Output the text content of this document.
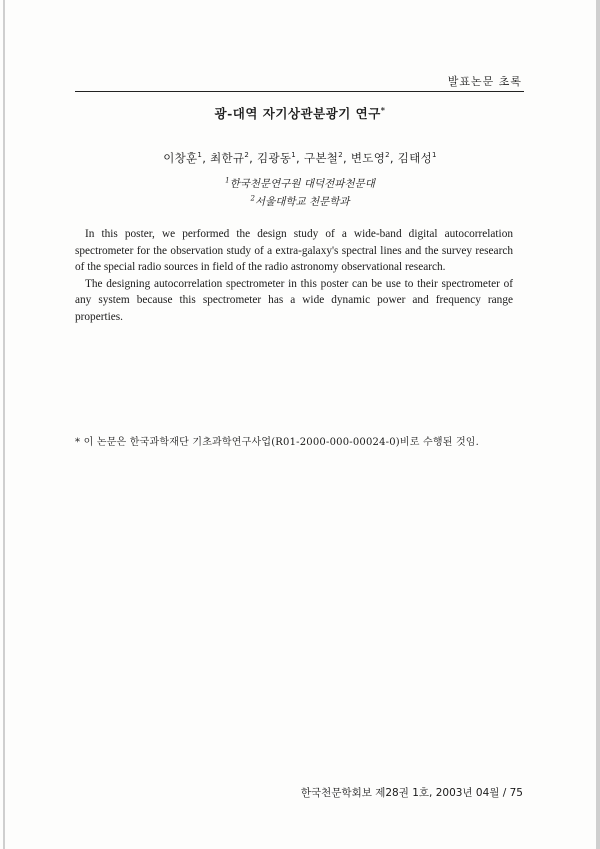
발표논문 초록
광-대역 자기상관분광기 연구*
이창훈$^1$, 최한규$^2$, 김광동$^1$, 구본철$^2$, 변도영$^2$, 김태성$^1$
$^1$한국천문연구원 대덕전파천문대
$^2$서울대학교 천문학과

In this poster, we performed the design study of a wide-band digital autocorrelation spectrometer for the observation study of a extra-galaxy's spectral lines and the survey research of the special radio sources in field of the radio astronomy observational research.

The designing autocorrelation spectrometer in this poster can be use to their spectrometer of any system because this spectrometer has a wide dynamic power and frequency range properties.

* 이 논문은 한국과학재단 기초과학연구사업(R01-2000-000-00024-0)비로 수행된 것임.
한국천문학회보 제28권 1호, 2003년 04월 / 75
